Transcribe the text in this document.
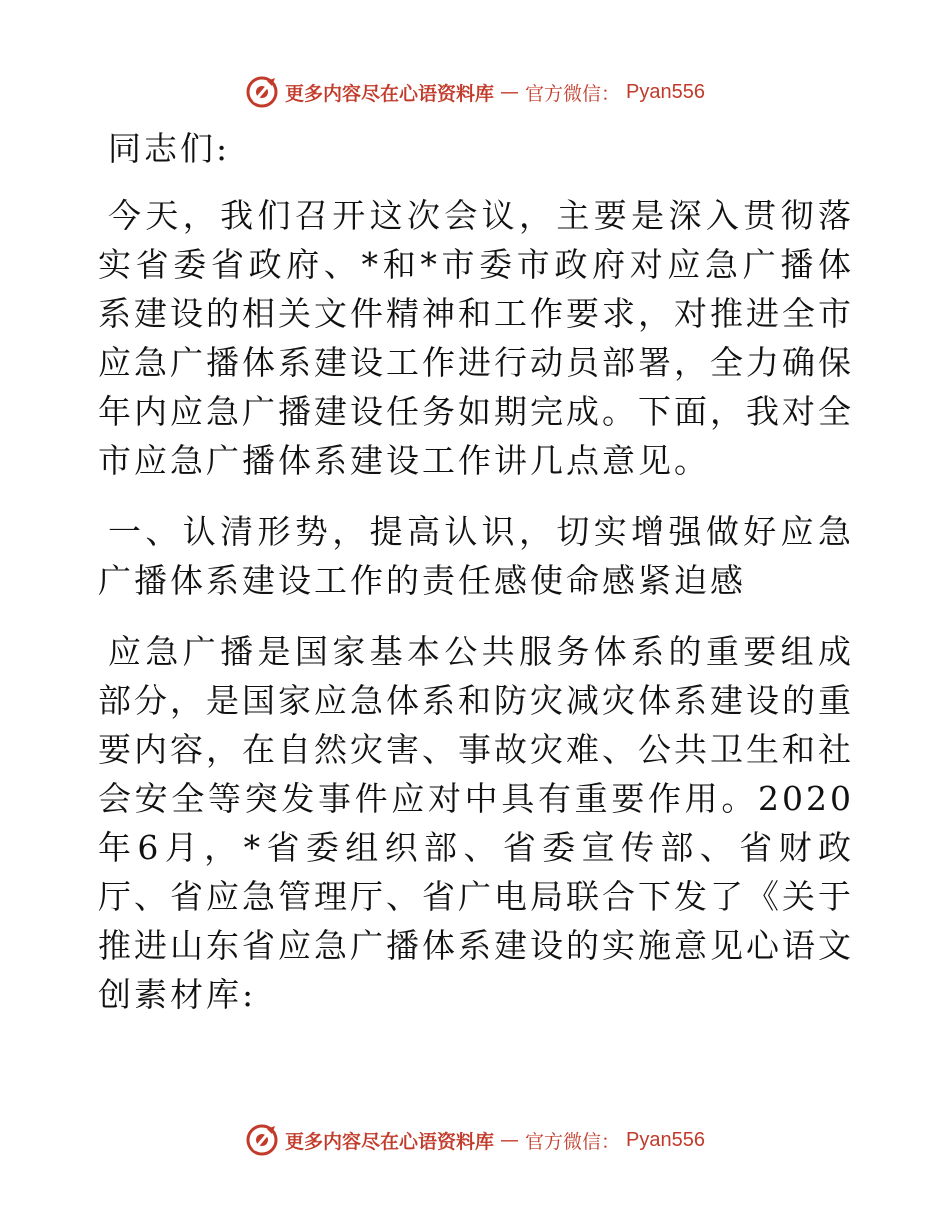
更多内容尽在心语资料库 — 官方微信： Pyan556

同志们:

今天，我们召开这次会议，主要是深入贯彻落实省委省政府、*和*市委市政府对应急广播体系建设的相关文件精神和工作要求，对推进全市应急广播体系建设工作进行动员部署，全力确保年内应急广播建设任务如期完成。下面，我对全市应急广播体系建设工作讲几点意见。

一、认清形势，提高认识，切实增强做好应急广播体系建设工作的责任感使命感紧迫感

应急广播是国家基本公共服务体系的重要组成部分，是国家应急体系和防灾减灾体系建设的重要内容，在自然灾害、事故灾难、公共卫生和社会安全等突发事件应对中具有重要作用。2020年6月，*省委组织部、省委宣传部、省财政厅、省应急管理厅、省广电局联合下发了《关于推进山东省应急广播体系建设的实施意见心语文创素材库:

更多内容尽在心语资料库 — 官方微信： Pyan556
